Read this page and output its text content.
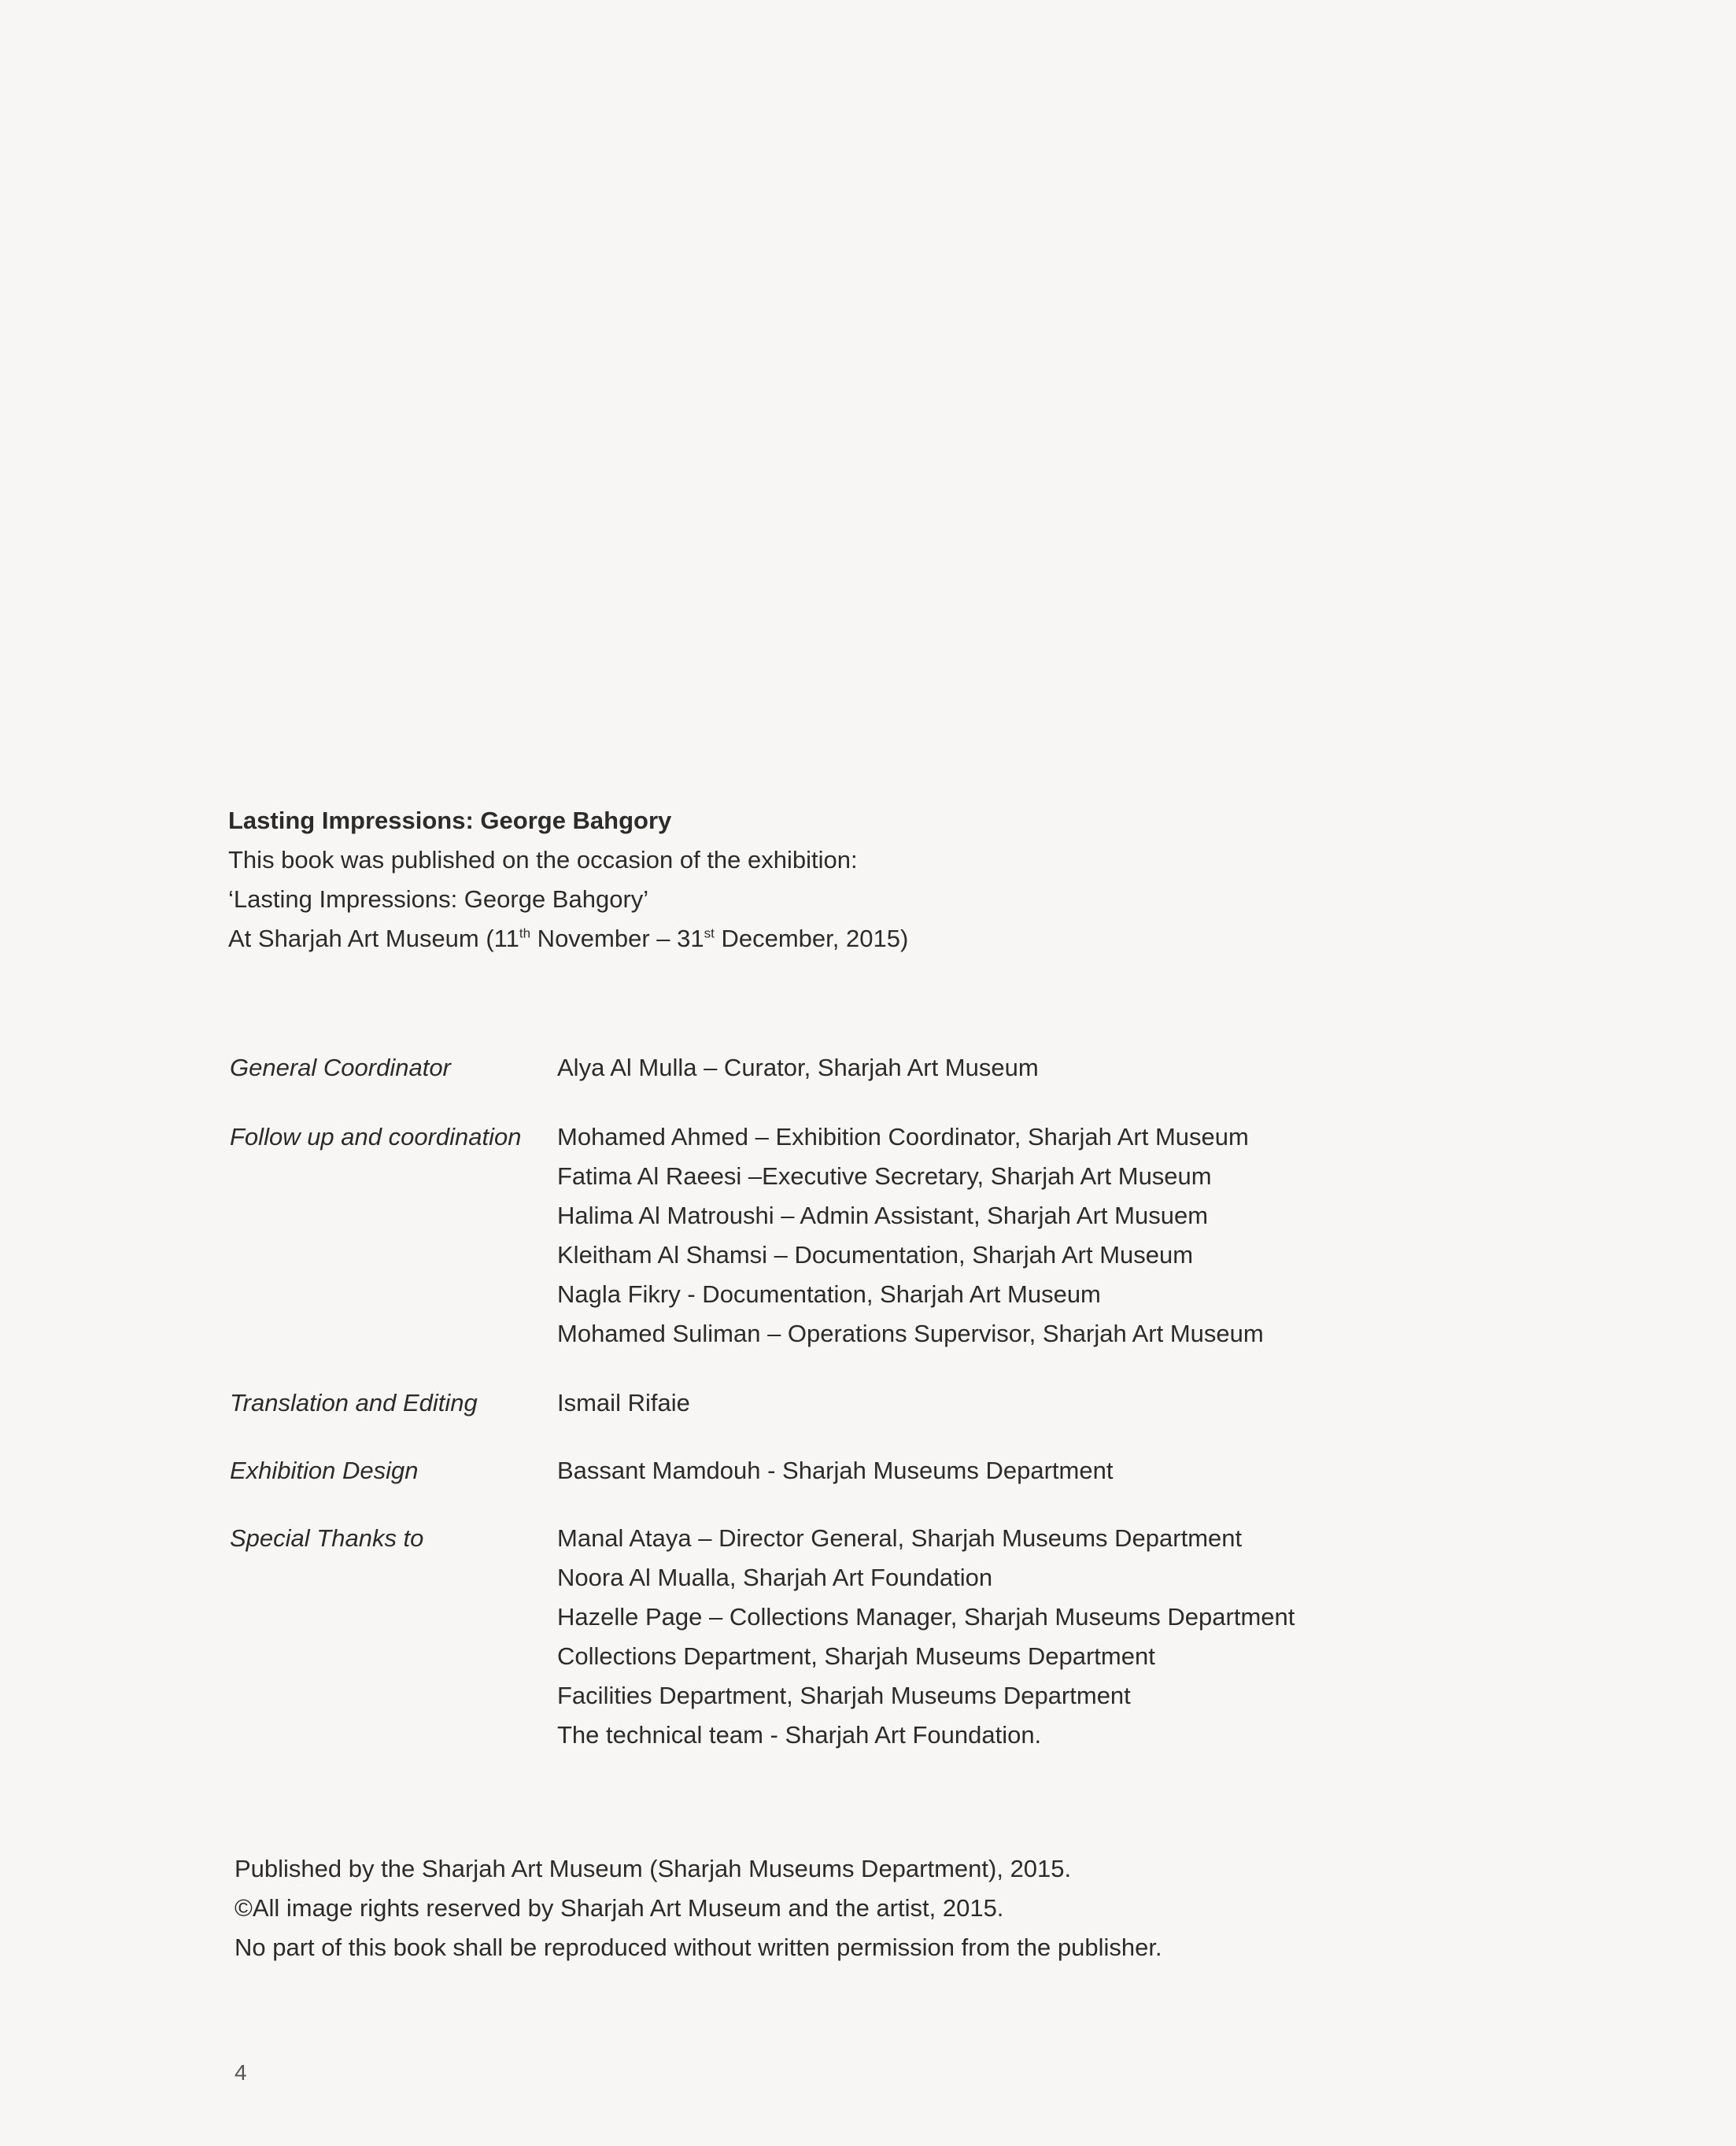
Lasting Impressions: George Bahgory
This book was published on the occasion of the exhibition:
‘Lasting Impressions: George Bahgory’
At Sharjah Art Museum (11th November – 31st December, 2015)
General Coordinator	Alya Al Mulla – Curator, Sharjah Art Museum
Follow up and coordination	Mohamed Ahmed – Exhibition Coordinator, Sharjah Art Museum
Fatima Al Raeesi –Executive Secretary, Sharjah Art Museum
Halima Al Matroushi – Admin Assistant, Sharjah Art Musuem
Kleitham Al Shamsi – Documentation, Sharjah Art Museum
Nagla Fikry - Documentation, Sharjah Art Museum
Mohamed Suliman – Operations Supervisor, Sharjah Art Museum
Translation and Editing	Ismail Rifaie
Exhibition Design	Bassant Mamdouh - Sharjah Museums Department
Special Thanks to	Manal Ataya – Director General, Sharjah Museums Department
Noora Al Mualla, Sharjah Art Foundation
Hazelle Page – Collections Manager, Sharjah Museums Department
Collections Department, Sharjah Museums Department
Facilities Department, Sharjah Museums Department
The technical team - Sharjah Art Foundation.
Published by the Sharjah Art Museum (Sharjah Museums Department), 2015.
©All image rights reserved by Sharjah Art Museum and the artist, 2015.
No part of this book shall be reproduced without written permission from the publisher.
4
